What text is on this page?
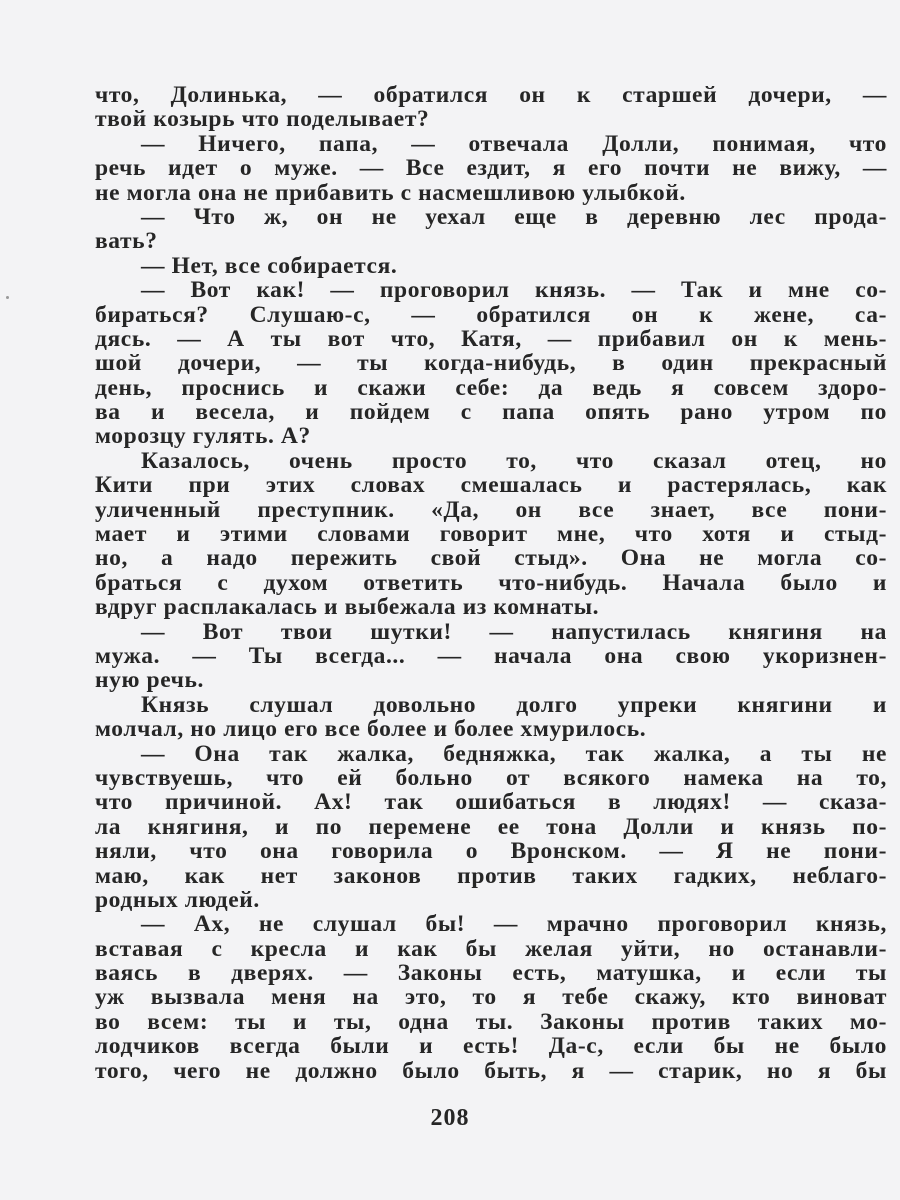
что, Долинька, — обратился он к старшей дочери, —
твой козырь что поделывает?
— Ничего, папа, — отвечала Долли, понимая, что
речь идет о муже. — Все ездит, я его почти не вижу, —
не могла она не прибавить с насмешливою улыбкой.
— Что ж, он не уехал еще в деревню лес прода-
вать?
— Нет, все собирается.
— Вот как! — проговорил князь. — Так и мне со-
бираться? Слушаю-с, — обратился он к жене, са-
дясь. — А ты вот что, Катя, — прибавил он к мень-
шой дочери, — ты когда-нибудь, в один прекрасный
день, проснись и скажи себе: да ведь я совсем здоро-
ва и весела, и пойдем с папа опять рано утром по
морозцу гулять. А?
Казалось, очень просто то, что сказал отец, но
Кити при этих словах смешалась и растерялась, как
уличенный преступник. «Да, он все знает, все пони-
мает и этими словами говорит мне, что хотя и стыд-
но, а надо пережить свой стыд». Она не могла со-
браться с духом ответить что-нибудь. Начала было и
вдруг расплакалась и выбежала из комнаты.
— Вот твои шутки! — напустилась княгиня на
мужа. — Ты всегда... — начала она свою укоризнен-
ную речь.
Князь слушал довольно долго упреки княгини и
молчал, но лицо его все более и более хмурилось.
— Она так жалка, бедняжка, так жалка, а ты не
чувствуешь, что ей больно от всякого намека на то,
что причиной. Ах! так ошибаться в людях! — сказа-
ла княгиня, и по перемене ее тона Долли и князь по-
няли, что она говорила о Вронском. — Я не пони-
маю, как нет законов против таких гадких, неблаго-
родных людей.
— Ах, не слушал бы! — мрачно проговорил князь,
вставая с кресла и как бы желая уйти, но останавли-
ваясь в дверях. — Законы есть, матушка, и если ты
уж вызвала меня на это, то я тебе скажу, кто виноват
во всем: ты и ты, одна ты. Законы против таких мо-
лодчиков всегда были и есть! Да-с, если бы не было
того, чего не должно было быть, я — старик, но я бы
208
